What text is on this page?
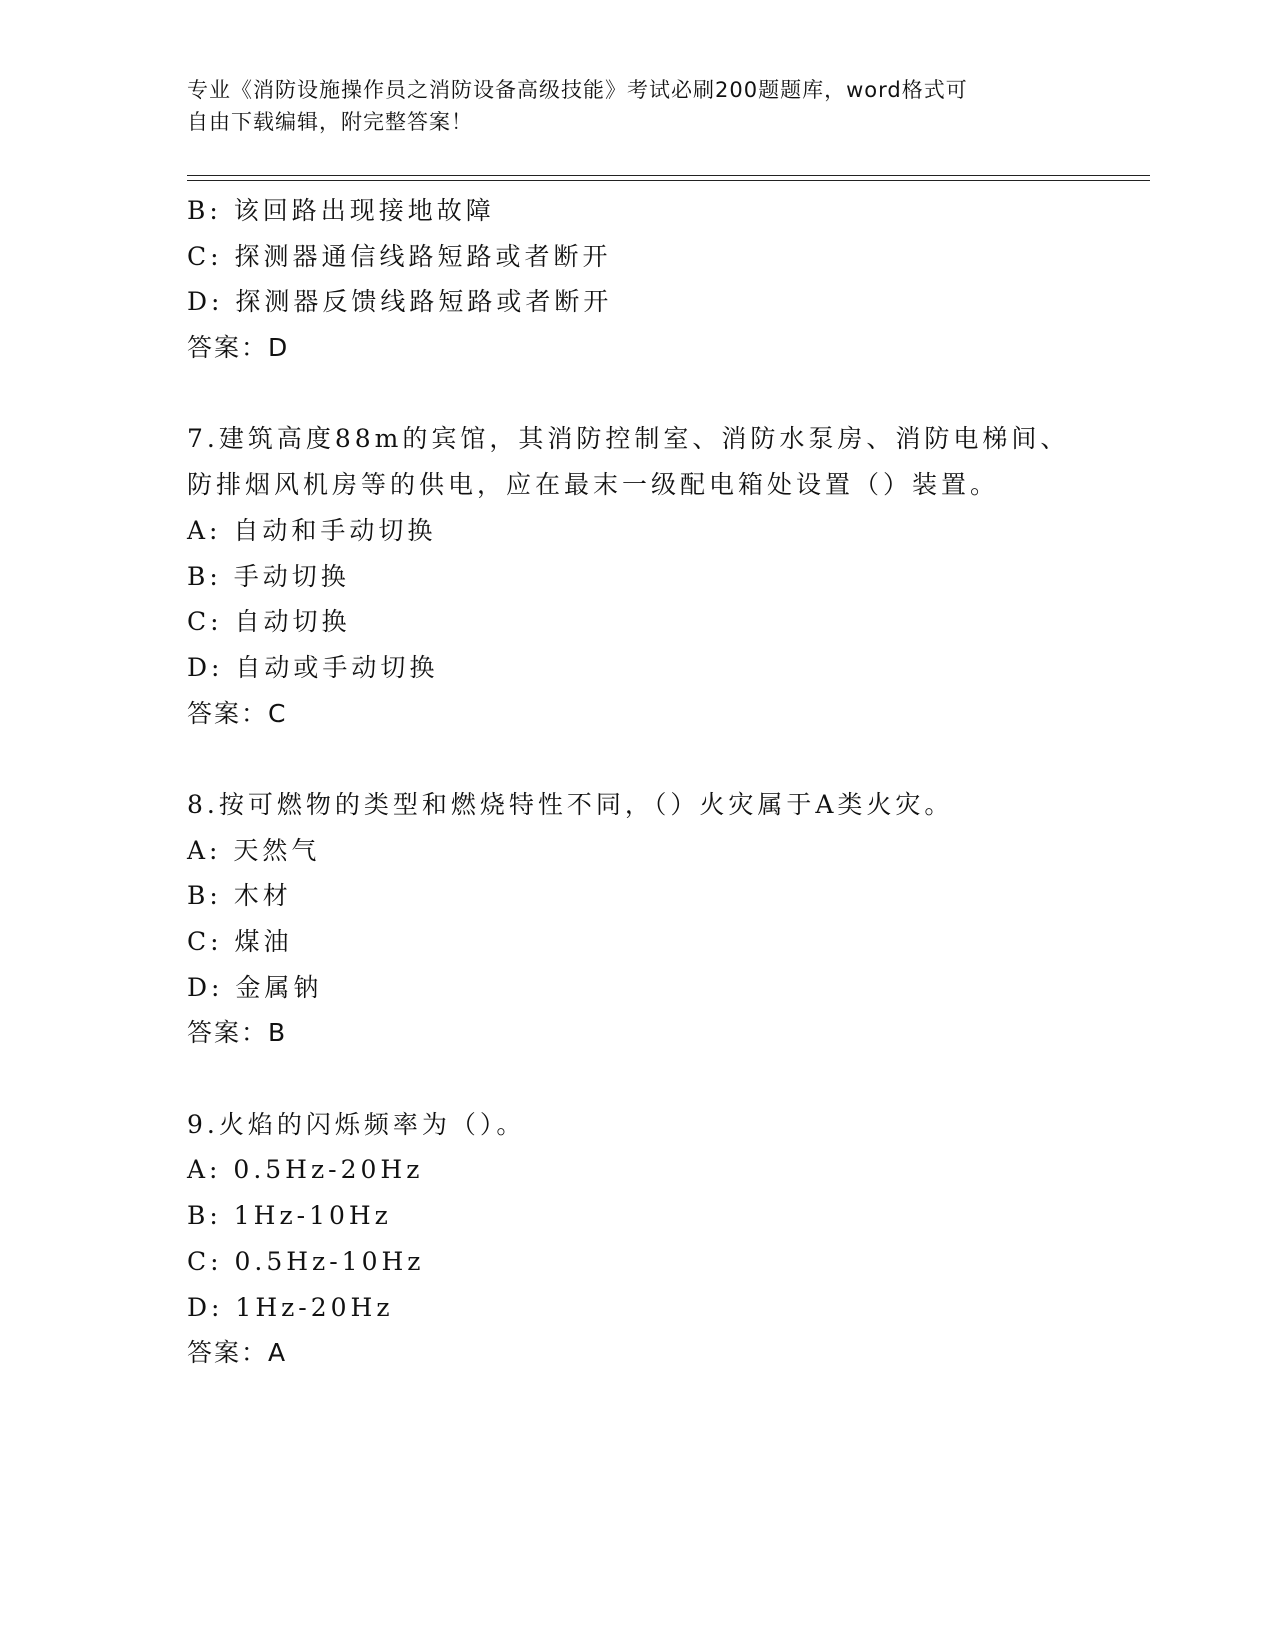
专业《消防设施操作员之消防设备高级技能》考试必刷200题题库，word格式可
自由下载编辑，附完整答案！
B: 该回路出现接地故障
C: 探测器通信线路短路或者断开
D: 探测器反馈线路短路或者断开
答案：D
7.建筑高度88m的宾馆，其消防控制室、消防水泵房、消防电梯间、
防排烟风机房等的供电，应在最末一级配电箱处设置（）装置。
A: 自动和手动切换
B: 手动切换
C: 自动切换
D: 自动或手动切换
答案：C
8.按可燃物的类型和燃烧特性不同，（）火灾属于A类火灾。
A: 天然气
B: 木材
C: 煤油
D: 金属钠
答案：B
9.火焰的闪烁频率为（）。
A: 0.5Hz-20Hz
B: 1Hz-10Hz
C: 0.5Hz-10Hz
D: 1Hz-20Hz
答案：A
